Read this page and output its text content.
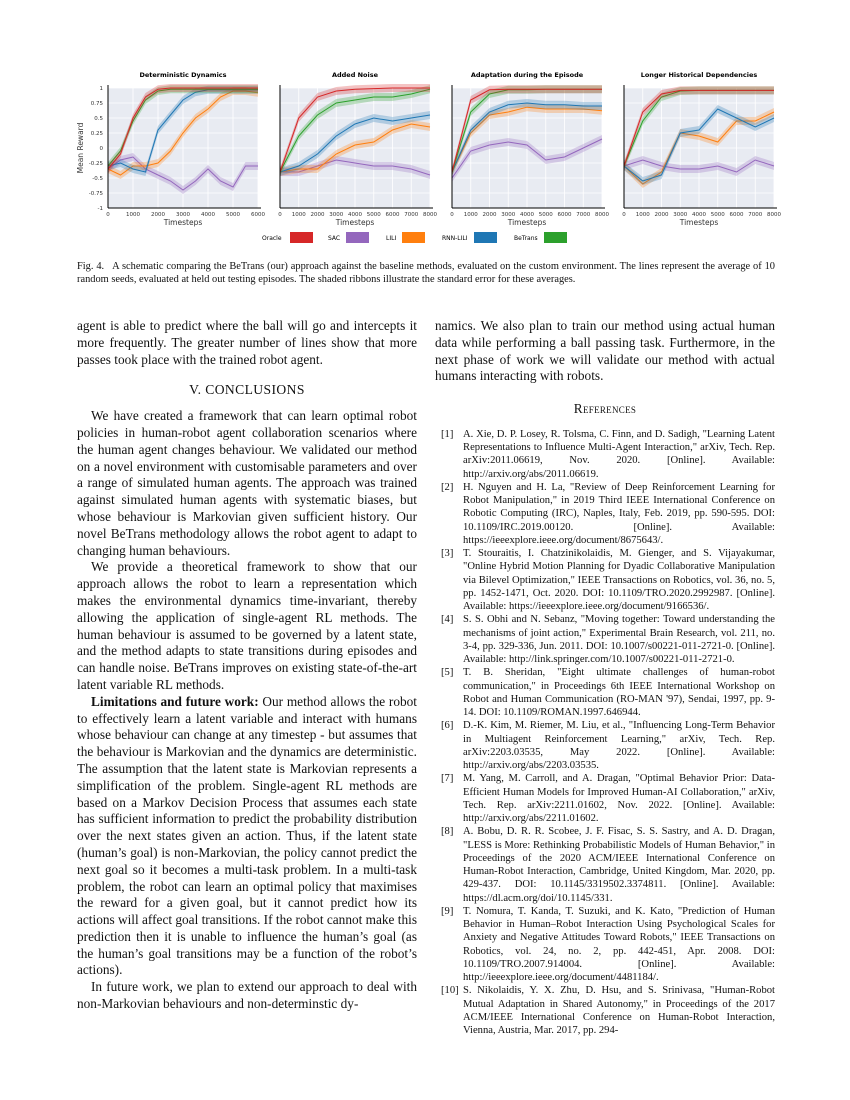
0	1000 2000 3000 4000 5000 6000
Deterministic Dynamics
Timesteps
1
0.75
0.5
0.25
0
-0.25
-0.5
-0.75
-1
Mean Reward
0 1000 2000 3000 4000 5000 6000 7000 8000
Added Noise
Timesteps
0 1000 2000 3000 4000 5000 6000 7000 8000
Adaptation during the Episode
Timesteps
0 1000 2000 3000 4000 5000 6000 7000 8000
Longer Historical Dependencies
Timesteps
Oracle	SAC	LILI	RNN-LILI	BeTrans
Fig. 4. A schematic comparing the BeTrans (our) approach against the baseline methods, evaluated on the custom environment. The lines represent the average of 10 random seeds, evaluated at held out testing episodes. The shaded ribbons illustrate the standard error for these averages.

agent is able to predict where the ball will go and intercepts it more frequently. The greater number of lines show that more passes took place with the trained robot agent.

V. CONCLUSIONS

We have created a framework that can learn optimal robot policies in human-robot agent collaboration scenarios where the human agent changes behaviour. We validated our method on a novel environment with customisable parameters and over a range of simulated human agents. The approach was trained against simulated human agents with systematic biases, but whose behaviour is Markovian given sufficient history. Our novel BeTrans methodology allows the robot agent to adapt to changing human behaviours.

We provide a theoretical framework to show that our approach allows the robot to learn a representation which makes the environmental dynamics time-invariant, thereby allowing the application of single-agent RL methods. The human behaviour is assumed to be governed by a latent state, and the method adapts to state transitions during episodes and can handle noise. BeTrans improves on existing state-of-the-art latent variable RL methods.

Limitations and future work: Our method allows the robot to effectively learn a latent variable and interact with humans whose behaviour can change at any timestep - but assumes that the behaviour is Markovian and the dynamics are deterministic. The assumption that the latent state is Markovian represents a simplification of the problem. Single-agent RL methods are based on a Markov Decision Process that assumes each state has sufficient information to predict the probability distribution over the next states given an action. Thus, if the latent state (human’s goal) is non-Markovian, the policy cannot predict the next goal so it becomes a multi-task problem. In a multi-task problem, the robot can learn an optimal policy that maximises the reward for a given goal, but it cannot predict how its actions will affect goal transitions. If the robot cannot make this prediction then it is unable to influence the human’s goal (as the human’s goal transitions may be a function of the robot’s actions).

In future work, we plan to extend our approach to deal with non-Markovian behaviours and non-determinstic dy-

namics. We also plan to train our method using actual human data while performing a ball passing task. Furthermore, in the next phase of work we will validate our method with actual humans interacting with robots.

References
[1] A. Xie, D. P. Losey, R. Tolsma, C. Finn, and D. Sadigh, "Learning Latent Representations to Influence Multi-Agent Interaction," arXiv, Tech. Rep. arXiv:2011.06619, Nov. 2020. [Online]. Available: http://arxiv.org/abs/2011.06619.
[2] H. Nguyen and H. La, "Review of Deep Reinforcement Learning for Robot Manipulation," in 2019 Third IEEE International Conference on Robotic Computing (IRC), Naples, Italy, Feb. 2019, pp. 590-595. DOI: 10.1109/IRC.2019.00120. [Online]. Available: https://ieeexplore.ieee.org/document/8675643/.
[3] T. Stouraitis, I. Chatzinikolaidis, M. Gienger, and S. Vijayakumar, "Online Hybrid Motion Planning for Dyadic Collaborative Manipulation via Bilevel Optimization," IEEE Transactions on Robotics, vol. 36, no. 5, pp. 1452-1471, Oct. 2020. DOI: 10.1109/TRO.2020.2992987. [Online]. Available: https://ieeexplore.ieee.org/document/9166536/.
[4] S. S. Obhi and N. Sebanz, "Moving together: Toward understanding the mechanisms of joint action," Experimental Brain Research, vol. 211, no. 3-4, pp. 329-336, Jun. 2011. DOI: 10.1007/s00221-011-2721-0. [Online]. Available: http://link.springer.com/10.1007/s00221-011-2721-0.
[5] T. B. Sheridan, "Eight ultimate challenges of human-robot communication," in Proceedings 6th IEEE International Workshop on Robot and Human Communication (RO-MAN '97), Sendai, 1997, pp. 9-14. DOI: 10.1109/ROMAN.1997.646944.
[6] D.-K. Kim, M. Riemer, M. Liu, et al., "Influencing Long-Term Behavior in Multiagent Reinforcement Learning," arXiv, Tech. Rep. arXiv:2203.03535, May 2022. [Online]. Available: http://arxiv.org/abs/2203.03535.
[7] M. Yang, M. Carroll, and A. Dragan, "Optimal Behavior Prior: Data-Efficient Human Models for Improved Human-AI Collaboration," arXiv, Tech. Rep. arXiv:2211.01602, Nov. 2022. [Online]. Available: http://arxiv.org/abs/2211.01602.
[8] A. Bobu, D. R. R. Scobee, J. F. Fisac, S. S. Sastry, and A. D. Dragan, "LESS is More: Rethinking Probabilistic Models of Human Behavior," in Proceedings of the 2020 ACM/IEEE International Conference on Human-Robot Interaction, Cambridge, United Kingdom, Mar. 2020, pp. 429-437. DOI: 10.1145/3319502.3374811. [Online]. Available: https://dl.acm.org/doi/10.1145/331.
[9] T. Nomura, T. Kanda, T. Suzuki, and K. Kato, "Prediction of Human Behavior in Human–Robot Interaction Using Psychological Scales for Anxiety and Negative Attitudes Toward Robots," IEEE Transactions on Robotics, vol. 24, no. 2, pp. 442-451, Apr. 2008. DOI: 10.1109/TRO.2007.914004. [Online]. Available: http://ieeexplore.ieee.org/document/4481184/.
[10] S. Nikolaidis, Y. X. Zhu, D. Hsu, and S. Srinivasa, "Human-Robot Mutual Adaptation in Shared Autonomy," in Proceedings of the 2017 ACM/IEEE International Conference on Human-Robot Interaction, Vienna, Austria, Mar. 2017, pp. 294-
